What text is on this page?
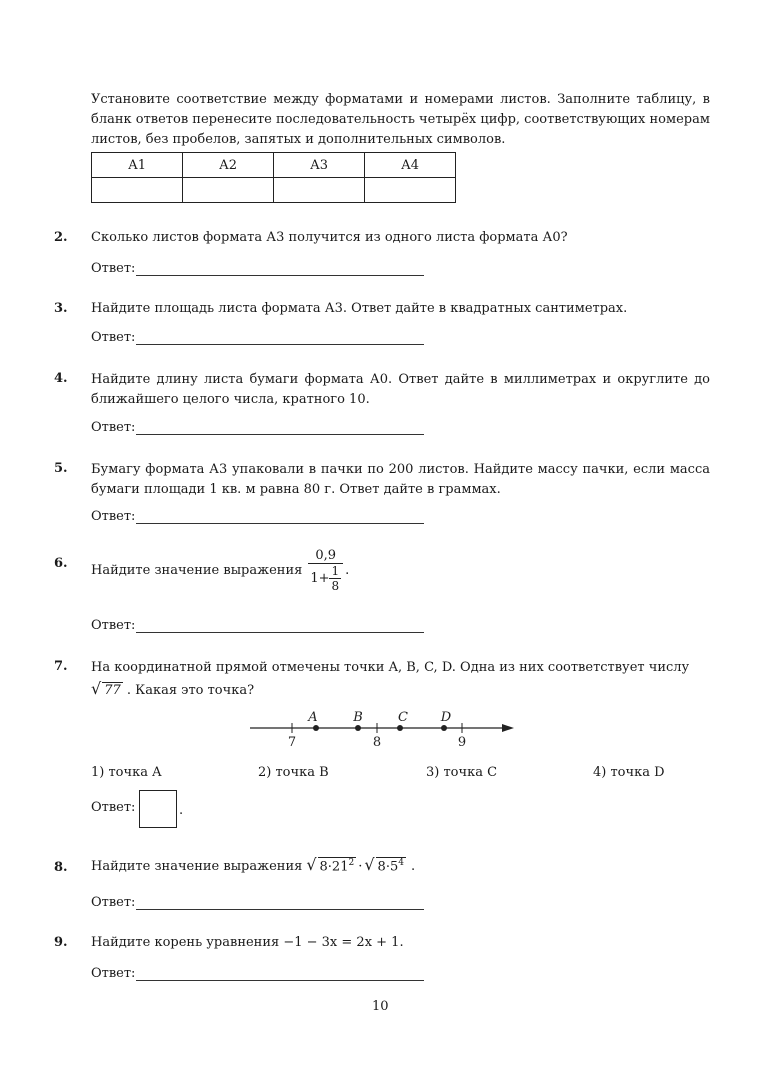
Установите соответствие между форматами и номерами листов. Заполните таблицу, в бланк ответов перенесите последовательность четырёх цифр, соответствующих номерам листов, без пробелов, запятых и дополнительных символов.
А1	А2	А3	А4

2. Сколько листов формата А3 получится из одного листа формата А0?
Ответ:
3. Найдите площадь листа формата А3. Ответ дайте в квадратных сантиметрах.
Ответ:
4. Найдите длину листа бумаги формата А0. Ответ дайте в миллиметрах и округлите до ближайшего целого числа, кратного 10.
Ответ:
5. Бумагу формата А3 упаковали в пачки по 200 листов. Найдите массу пачки, если масса бумаги площади 1 кв. м равна 80 г. Ответ дайте в граммах.
Ответ:
6. Найдите значение выражения $\frac{0,9}{1+ \frac{1}{8}}$ .
Ответ:
7. На координатной прямой отмечены точки A, B, C, D. Одна из них соответствует числу
√ 77 . Какая это точка?
A	B	C	D
7	8	9
1) точка A	2) точка B	3) точка C	4) точка D
Ответ:	.
8. Найдите значение выражения √ $8\cdot 21^2$ · √ $8\cdot 5^4$ .
Ответ:
9. Найдите корень уравнения −1 − 3x = 2x + 1.
Ответ:
10
